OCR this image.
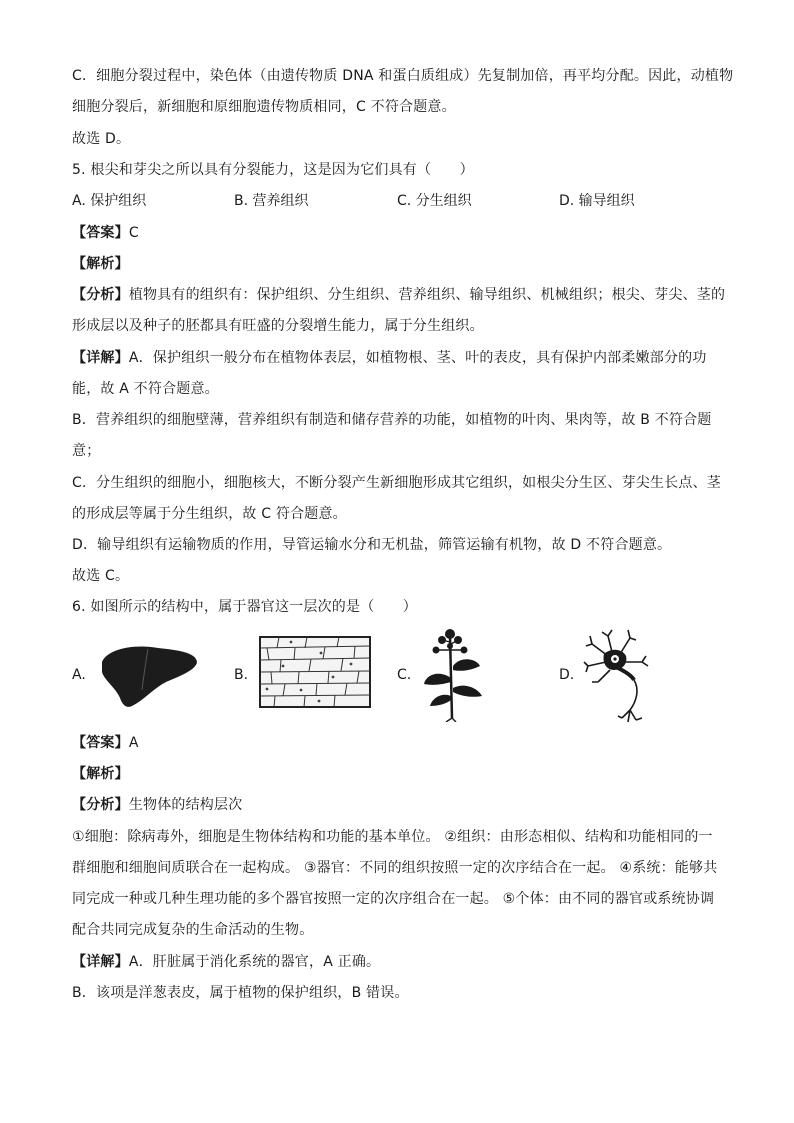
C．细胞分裂过程中，染色体（由遗传物质 DNA 和蛋白质组成）先复制加倍，再平均分配。因此，动植物
细胞分裂后，新细胞和原细胞遗传物质相同，C 不符合题意。
故选 D。
5. 根尖和芽尖之所以具有分裂能力，这是因为它们具有（　　）
A. 保护组织	B. 营养组织	C. 分生组织	D. 输导组织
【答案】C
【解析】
【分析】植物具有的组织有：保护组织、分生组织、营养组织、输导组织、机械组织；根尖、芽尖、茎的
形成层以及种子的胚都具有旺盛的分裂增生能力，属于分生组织。
【详解】A．保护组织一般分布在植物体表层，如植物根、茎、叶的表皮，具有保护内部柔嫩部分的功
能，故 A 不符合题意。
B．营养组织的细胞壁薄，营养组织有制造和储存营养的功能，如植物的叶肉、果肉等，故 B 不符合题
意；
C．分生组织的细胞小，细胞核大，不断分裂产生新细胞形成其它组织，如根尖分生区、芽尖生长点、茎
的形成层等属于分生组织，故 C 符合题意。
D．输导组织有运输物质的作用，导管运输水分和无机盐，筛管运输有机物，故 D 不符合题意。
故选 C。
6. 如图所示的结构中，属于器官这一层次的是（　　）
A.	B.	C.	D.
【答案】A
【解析】
【分析】生物体的结构层次
①细胞：除病毒外，细胞是生物体结构和功能的基本单位。 ②组织：由形态相似、结构和功能相同的一
群细胞和细胞间质联合在一起构成。 ③器官：不同的组织按照一定的次序结合在一起。 ④系统：能够共
同完成一种或几种生理功能的多个器官按照一定的次序组合在一起。 ⑤个体：由不同的器官或系统协调
配合共同完成复杂的生命活动的生物。
【详解】A．肝脏属于消化系统的器官，A 正确。
B．该项是洋葱表皮，属于植物的保护组织，B 错误。
